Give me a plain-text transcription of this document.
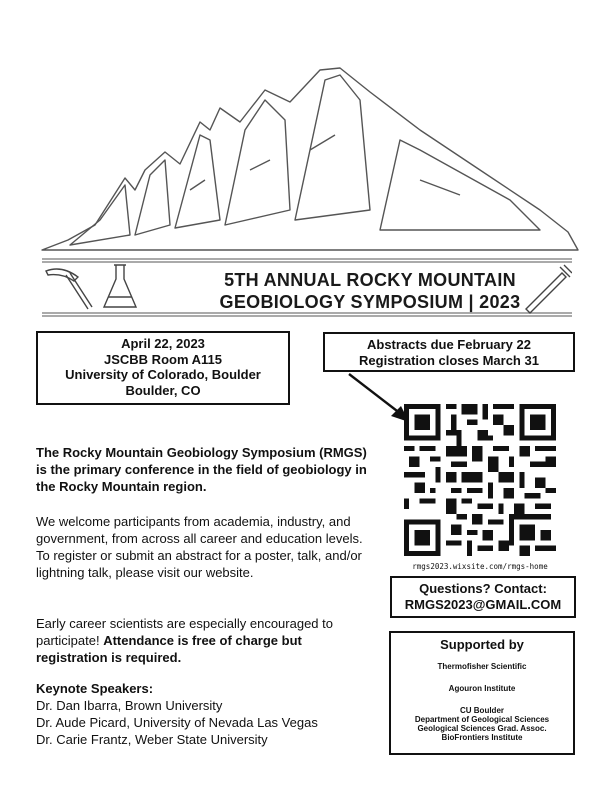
5TH ANNUAL ROCKY MOUNTAIN
GEOBIOLOGY SYMPOSIUM | 2023
April 22, 2023
JSCBB Room A115
University of Colorado, Boulder
Boulder, CO
Abstracts due February 22
Registration closes March 31
rmgs2023.wixsite.com/rmgs-home
Questions? Contact:
RMGS2023@GMAIL.COM
Supported by
Thermofisher Scientific
Agouron Institute
CU Boulder
Department of Geological Sciences
Geological Sciences Grad. Assoc.
BioFrontiers Institute
The Rocky Mountain Geobiology Symposium (RMGS) is the primary conference in the field of geobiology in the Rocky Mountain region.
We welcome participants from academia, industry, and government, from across all career and education levels. To register or submit an abstract for a poster, talk, and/or lightning talk, please visit our website.
Early career scientists are especially encouraged to participate! Attendance is free of charge but registration is required.
Keynote Speakers:
Dr. Dan Ibarra, Brown University
Dr. Aude Picard, University of Nevada Las Vegas
Dr. Carie Frantz, Weber State University
